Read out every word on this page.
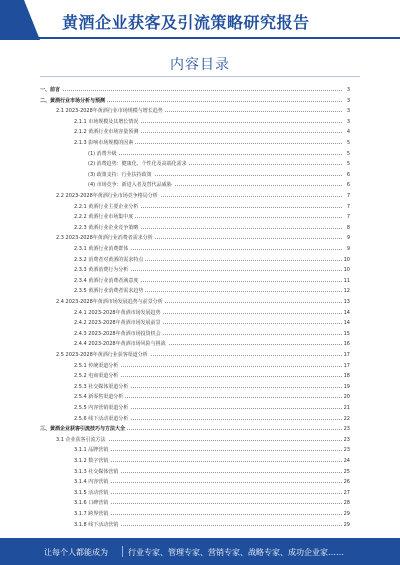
黄酒企业获客及引流策略研究报告
内容目录
一、前言	3
二、黄酒行业市场分析与预测	3
2.1 2023-2028年黄酒行业市场规模与增长趋势	3
2.1.1 市场规模及其增长情况	3
2.1.2 黄酒行业市场容量预测	4
2.1.3 影响市场规模的因素	5
(1) 消费升级	5
(2) 消费趋势：健康化、个性化及高端化需求	5
(3) 政策支持：行业扶持政策	6
(4) 市场竞争：新进入者及替代品威胁	6
2.2 2023-2028年黄酒行业市场竞争格局分析	7
2.2.1 黄酒行业主要企业分析	7
2.2.2 黄酒行业市场集中度	7
2.2.3 黄酒行业企业竞争策略	8
2.3 2023-2028年黄酒行业消费者需求分析	9
2.3.1 黄酒行业消费群体	9
2.3.2 消费者对黄酒的需求特点	10
2.3.3 黄酒消费行为分析	10
2.3.4 黄酒行业消费者满意度	11
2.3.5 黄酒行业消费者需求趋势	12
2.4 2023-2028年黄酒市场发展趋势与前景分析	13
2.4.1 2023-2028年黄酒市场发展趋势	14
2.4.2 2023-2028年黄酒市场发展前景	14
2.4.3 2023-2028年黄酒市场投资机会	15
2.4.4 2023-2028年黄酒市场风险与挑战	16
2.5 2023-2028年黄酒行业获客渠道分析	17
2.5.1 传统渠道分析	17
2.5.2 电商渠道分析	18
2.5.3 社交媒体渠道分析	19
2.5.4 新零售渠道分析	20
2.5.5 内容营销渠道分析	21
2.5.6 线下活动渠道分析	22
三、黄酒企业获客引流技巧与方法大全	23
3.1 企业获客引流方法	23
3.1.1 品牌营销	23
3.1.2 数字营销	24
3.1.3 社交媒体营销	25
3.1.4 内容营销	26
3.1.5 活动营销	27
3.1.6 口碑营销	28
3.1.7 跨界营销	29
3.1.8 线下活动营销	29
让每个人都能成为	行业专家、管理专家、营销专家、战略专家、成功企业家……
